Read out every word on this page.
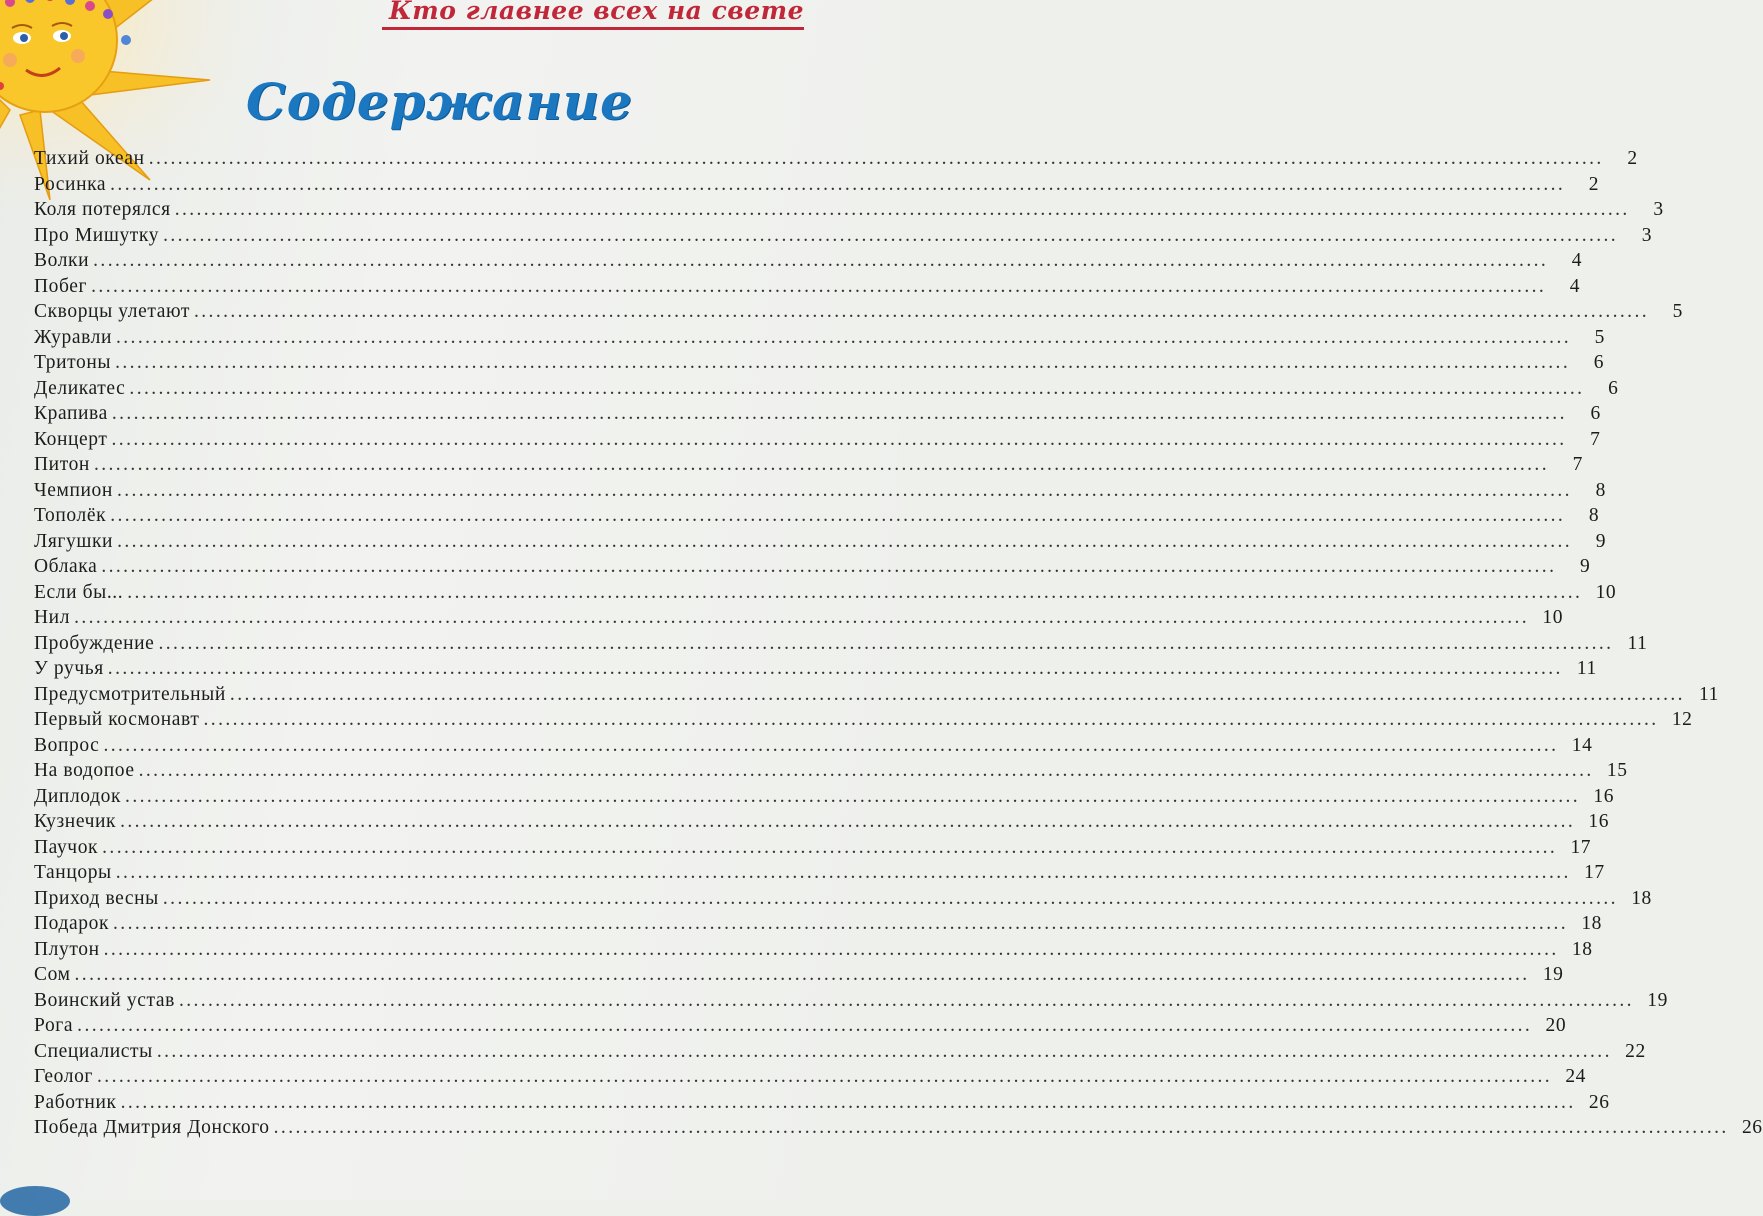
Кто главнее всех на свете
Содержание
Тихий океан ........................................................................................................................................................................................................	2
Росинка ........................................................................................................................................................................................................	2
Коля потерялся ........................................................................................................................................................................................................	3
Про Мишутку ........................................................................................................................................................................................................	3
Волки ........................................................................................................................................................................................................	4
Побег ........................................................................................................................................................................................................	4
Скворцы улетают ........................................................................................................................................................................................................	5
Журавли ........................................................................................................................................................................................................	5
Тритоны ........................................................................................................................................................................................................	6
Деликатес ........................................................................................................................................................................................................	6
Крапива ........................................................................................................................................................................................................	6
Концерт ........................................................................................................................................................................................................	7
Питон ........................................................................................................................................................................................................	7
Чемпион ........................................................................................................................................................................................................	8
Тополёк ........................................................................................................................................................................................................	8
Лягушки ........................................................................................................................................................................................................	9
Облака ........................................................................................................................................................................................................	9
Если бы... ........................................................................................................................................................................................................ 10
Нил ........................................................................................................................................................................................................ 10
Пробуждение ........................................................................................................................................................................................................ 11
У ручья ........................................................................................................................................................................................................ 11
Предусмотрительный ........................................................................................................................................................................................................ 11
Первый космонавт ........................................................................................................................................................................................................ 12
Вопрос ........................................................................................................................................................................................................ 14
На водопое ........................................................................................................................................................................................................ 15
Диплодок ........................................................................................................................................................................................................ 16
Кузнечик ........................................................................................................................................................................................................ 16
Паучок ........................................................................................................................................................................................................ 17
Танцоры ........................................................................................................................................................................................................ 17
Приход весны ........................................................................................................................................................................................................ 18
Подарок ........................................................................................................................................................................................................ 18
Плутон ........................................................................................................................................................................................................ 18
Сом ........................................................................................................................................................................................................ 19
Воинский устав ........................................................................................................................................................................................................ 19
Рога ........................................................................................................................................................................................................ 20
Специалисты ........................................................................................................................................................................................................ 22
Геолог ........................................................................................................................................................................................................ 24
Работник ........................................................................................................................................................................................................ 26
Победа Дмитрия Донского ........................................................................................................................................................................................................ 26
